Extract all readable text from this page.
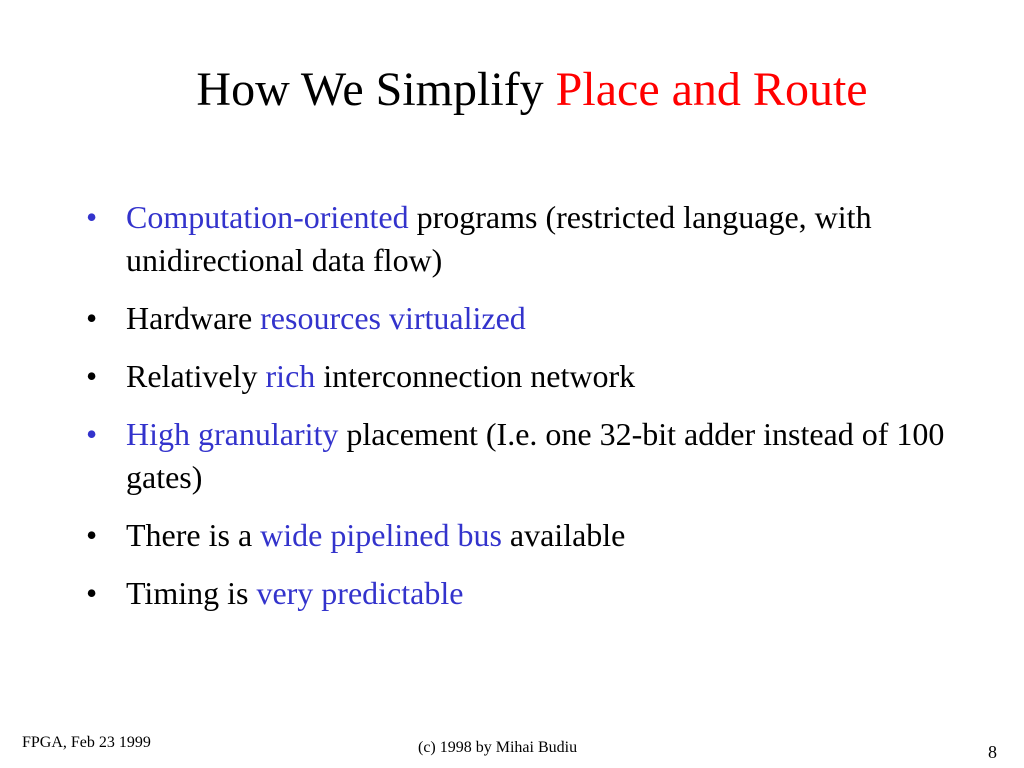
How We Simplify Place and Route
• Computation-oriented programs (restricted language, with unidirectional data flow)
• Hardware resources virtualized
• Relatively rich interconnection network
• High granularity placement (I.e. one 32-bit adder instead of 100 gates)
• There is a wide pipelined bus available
• Timing is very predictable
FPGA, Feb 23 1999	(c) 1998 by Mihai Budiu	8
